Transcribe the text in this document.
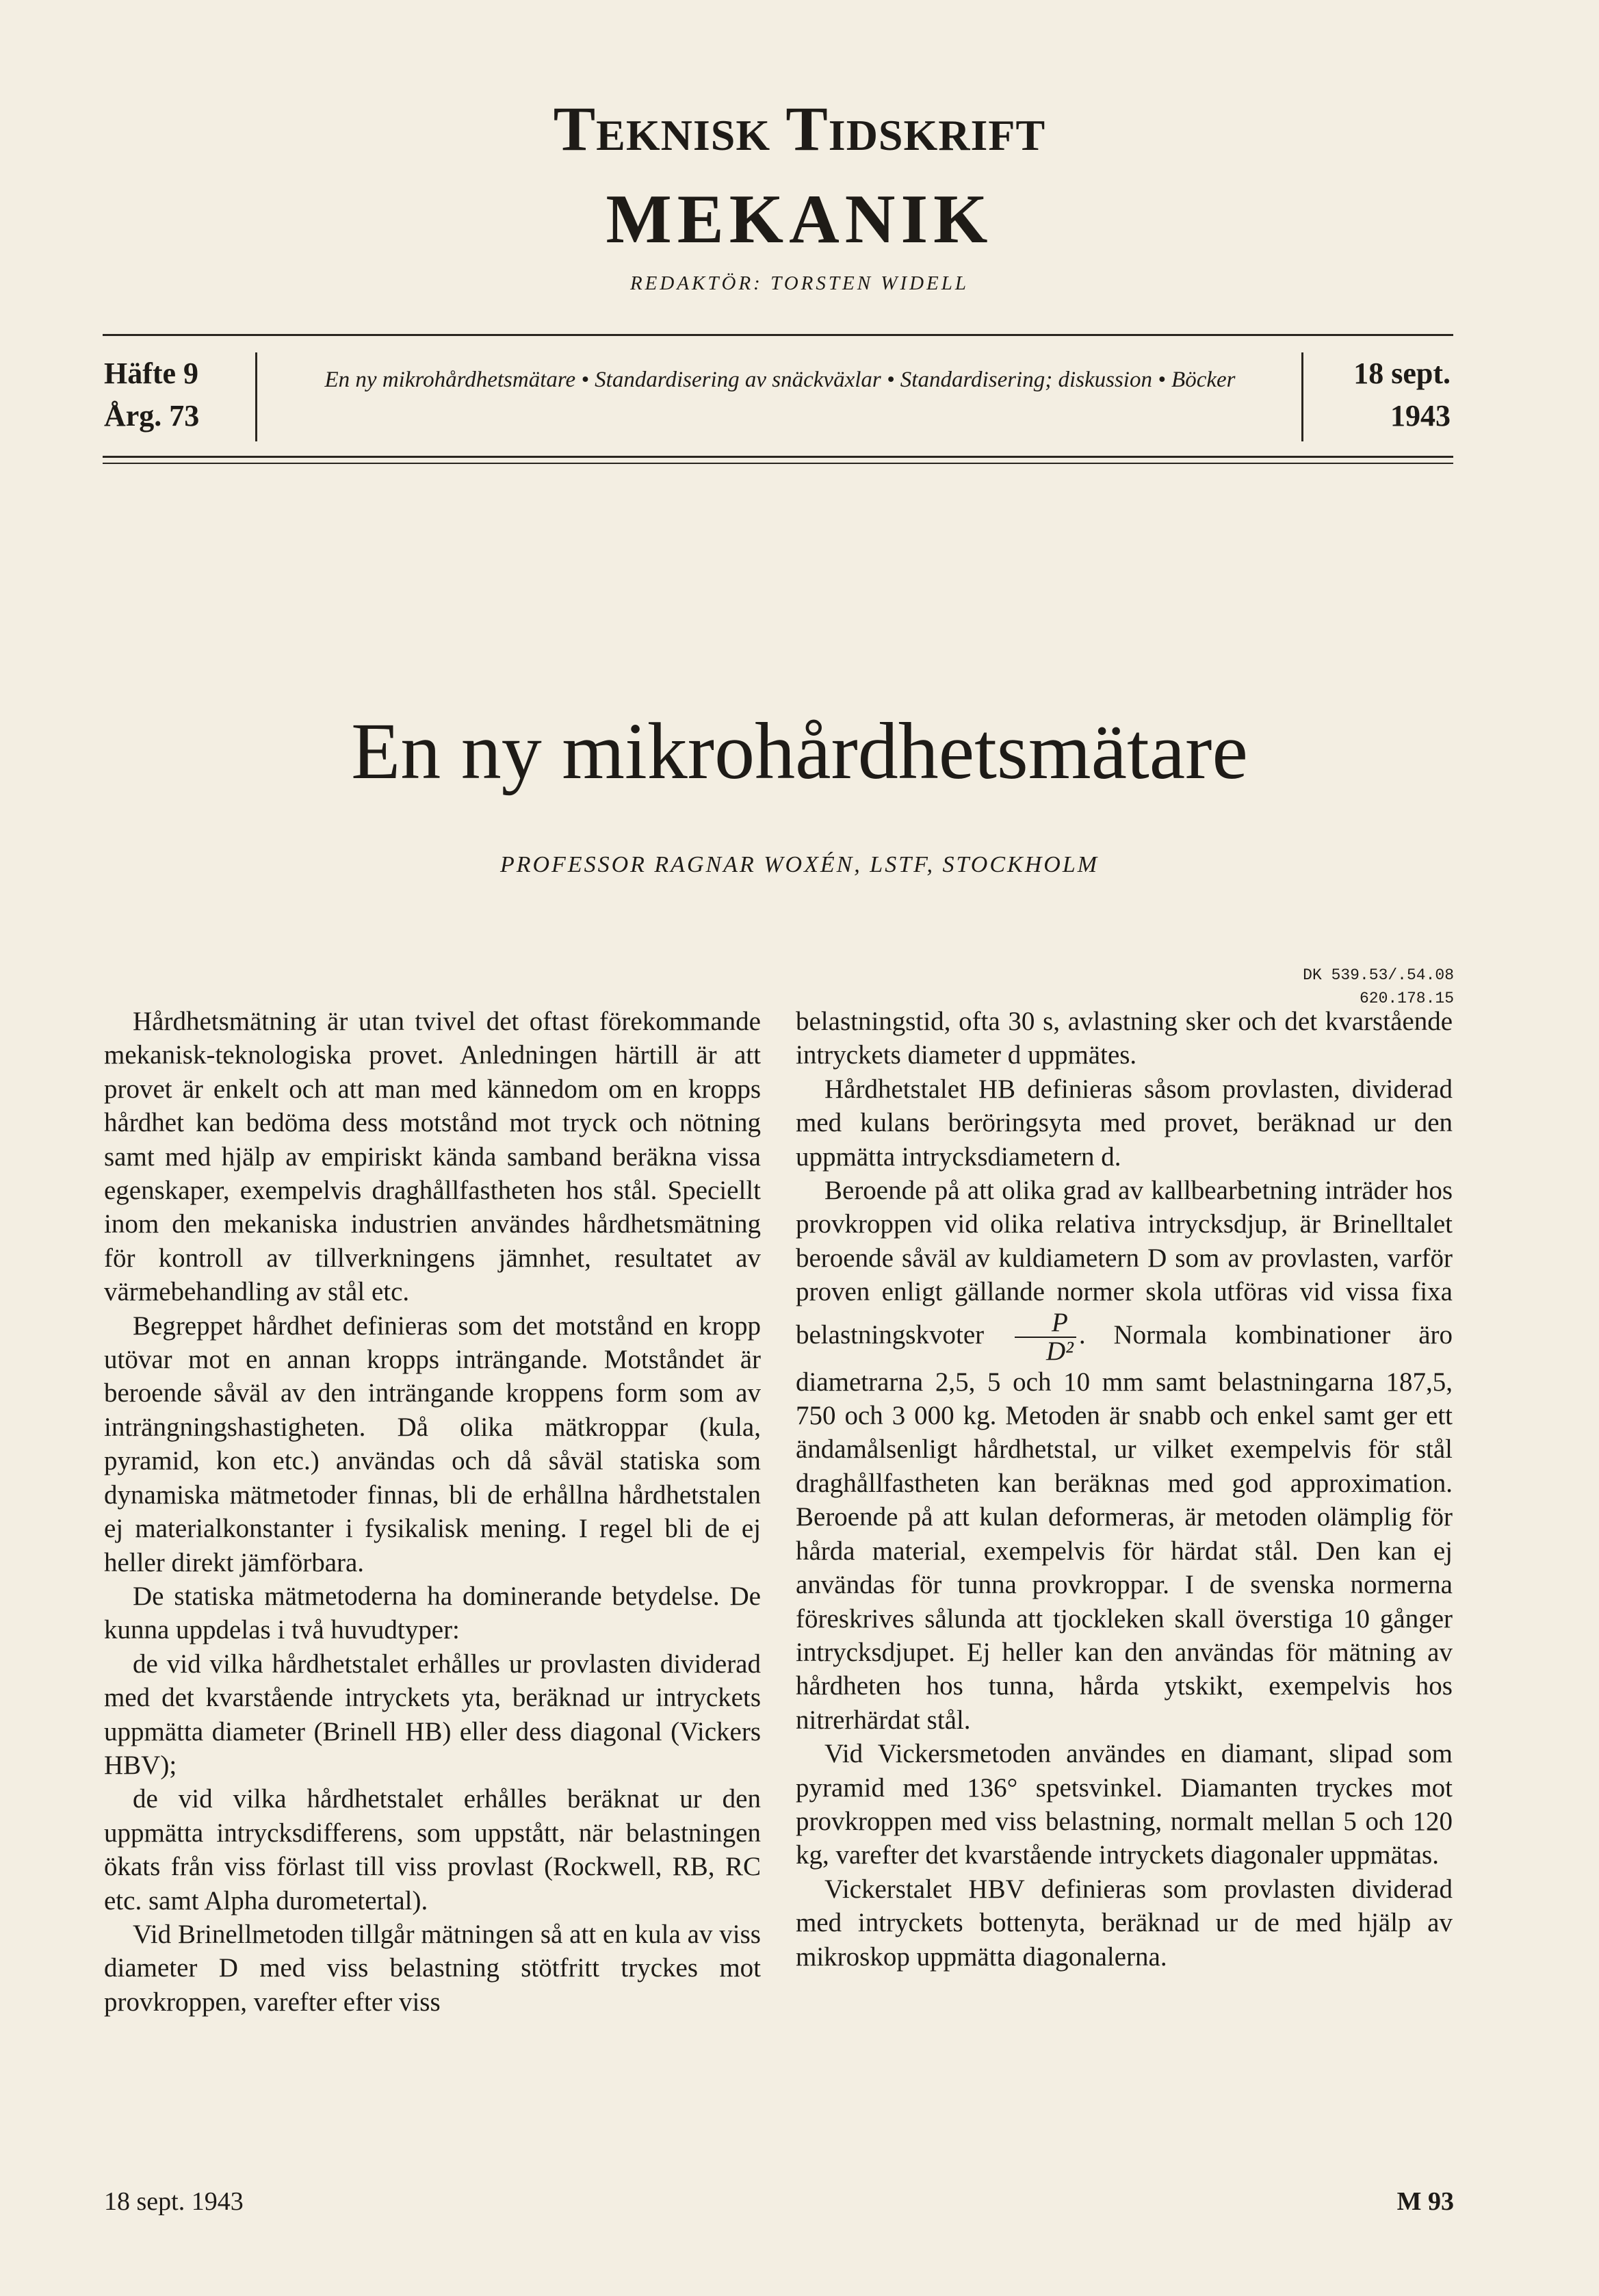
Teknisk Tidskrift
MEKANIK
REDAKTÖR: TORSTEN WIDELL
Häfte 9
Årg. 73
En ny mikrohårdhetsmätare • Standardisering av snäckväxlar • Standardisering; diskussion • Böcker	18 sept.
1943
En ny mikrohårdhetsmätare
PROFESSOR RAGNAR WOXÉN, LSTF, STOCKHOLM
DK 539.53/.54.08
620.178.15

Hårdhetsmätning är utan tvivel det oftast förekommande mekanisk-teknologiska provet. Anledningen härtill är att provet är enkelt och att man med kännedom om en kropps hårdhet kan bedöma dess motstånd mot tryck och nötning samt med hjälp av empiriskt kända samband beräkna vissa egenskaper, exempelvis draghållfastheten hos stål. Speciellt inom den mekaniska industrien användes hårdhetsmätning för kontroll av tillverkningens jämnhet, resultatet av värmebehandling av stål etc.

Begreppet hårdhet definieras som det motstånd en kropp utövar mot en annan kropps inträngande. Motståndet är beroende såväl av den inträngande kroppens form som av inträngningshastigheten. Då olika mätkroppar (kula, pyramid, kon etc.) användas och då såväl statiska som dynamiska mätmetoder finnas, bli de erhållna hårdhetstalen ej materialkonstanter i fysikalisk mening. I regel bli de ej heller direkt jämförbara.

De statiska mätmetoderna ha dominerande betydelse. De kunna uppdelas i två huvudtyper:

de vid vilka hårdhetstalet erhålles ur provlasten dividerad med det kvarstående intryckets yta, beräknad ur intryckets uppmätta diameter (Brinell HB) eller dess diagonal (Vickers HBV);

de vid vilka hårdhetstalet erhålles beräknat ur den uppmätta intrycksdifferens, som uppstått, när belastningen ökats från viss förlast till viss provlast (Rockwell, RB, RC etc. samt Alpha durometertal).

Vid Brinellmetoden tillgår mätningen så att en kula av viss diameter D med viss belastning stötfritt tryckes mot provkroppen, varefter efter viss

belastningstid, ofta 30 s, avlastning sker och det kvarstående intryckets diameter d uppmätes.

Hårdhetstalet HB definieras såsom provlasten, dividerad med kulans beröringsyta med provet, beräknad ur den uppmätta intrycksdiametern d.

Beroende på att olika grad av kallbearbetning inträder hos provkroppen vid olika relativa intrycksdjup, är Brinelltalet beroende såväl av kuldiametern D som av provlasten, varför proven enligt gällande normer skola utföras vid vissa fixa belastningskvoter $\frac{P}{\text{D²}}$ . Normala kombinationer äro diametrarna 2,5, 5 och 10 mm samt belastningarna 187,5, 750 och 3 000 kg. Metoden är snabb och enkel samt ger ett ändamålsenligt hårdhetstal, ur vilket exempelvis för stål draghållfastheten kan beräknas med god approximation. Beroende på att kulan deformeras, är metoden olämplig för hårda material, exempelvis för härdat stål. Den kan ej användas för tunna provkroppar. I de svenska normerna föreskrives sålunda att tjockleken skall överstiga 10 gånger intrycksdjupet. Ej heller kan den användas för mätning av hårdheten hos tunna, hårda ytskikt, exempelvis hos nitrerhärdat stål.

Vid Vickersmetoden användes en diamant, slipad som pyramid med 136° spetsvinkel. Diamanten tryckes mot provkroppen med viss belastning, normalt mellan 5 och 120 kg, varefter det kvarstående intryckets diagonaler uppmätas.

Vickerstalet HBV definieras som provlasten dividerad med intryckets bottenyta, beräknad ur de med hjälp av mikroskop uppmätta diagonalerna.

18 sept. 1943	M 93
